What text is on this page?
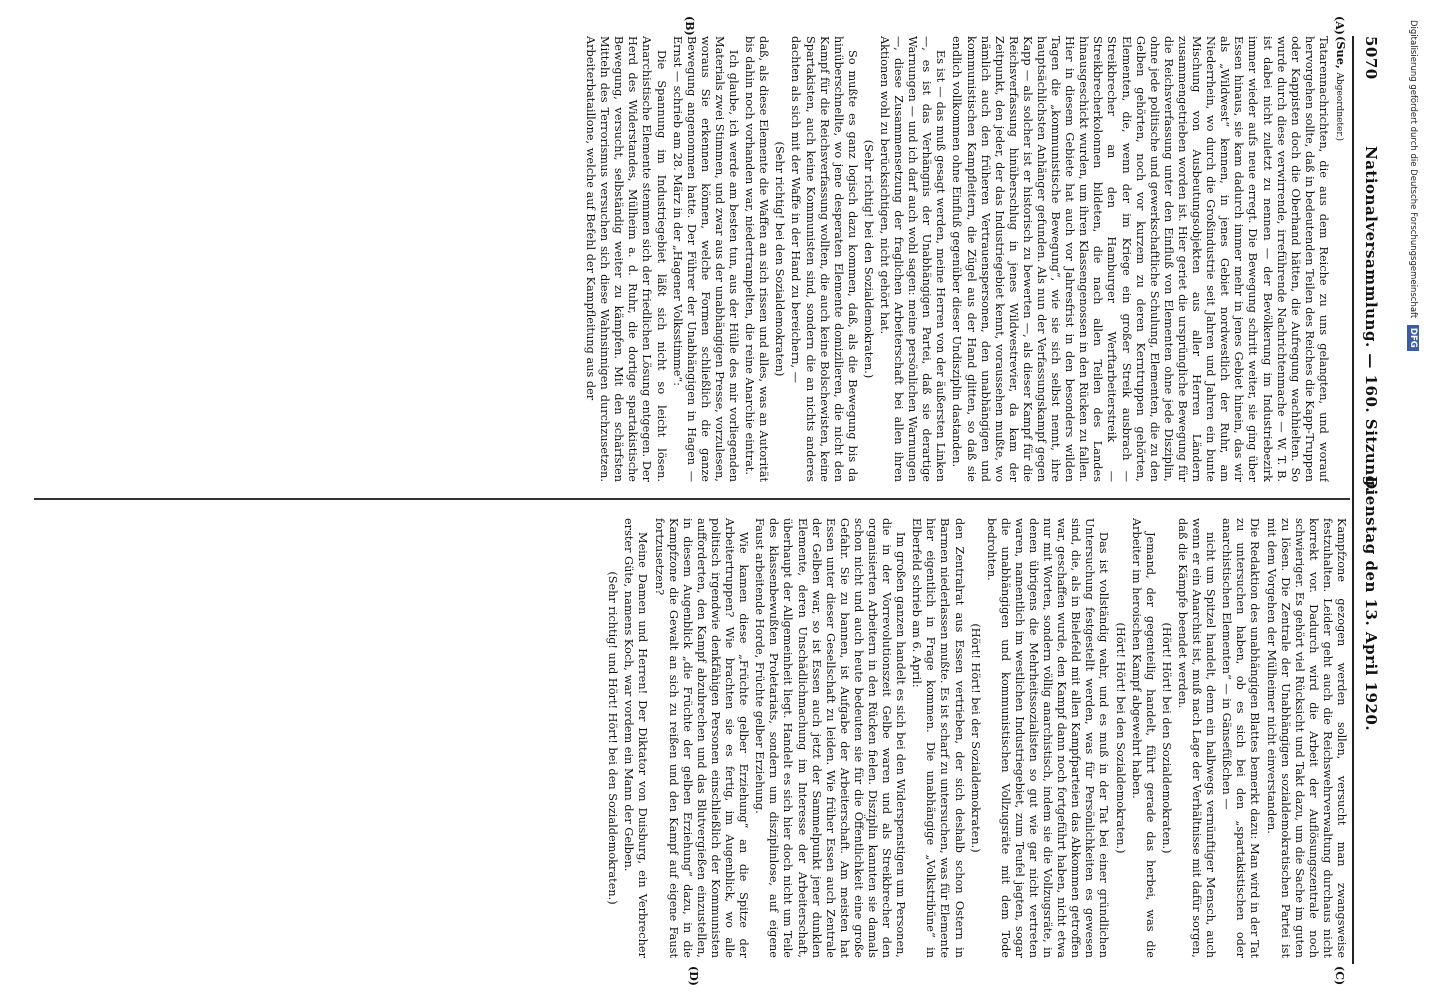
5070
Nationalversammlung. — 160. Sitzung.
Dienstag den 13. April 1920.
(A)
(B)
(C)
(D)

(Sue, Abgeordneter.)

Tatarennachrichten, die aus dem Reiche zu uns gelangten, und worauf hervorgehen sollte, daß in bedeutenden Teilen des Reiches die Kapp-Truppen oder Kappisten doch die Oberhand hätten, die Aufregung wachhielten. So wurde durch diese verwirrende, irreführende Nachrichtenmache — W. T. B. ist dabei nicht zuletzt zu nennen — der Bevölkerung im Industriebezirk immer wieder aufs neue erregt. Die Bewegung schritt weiter, sie ging über Essen hinaus, sie kam dadurch immer mehr in jenes Gebiet hinein, das wir als „Wildwest“ kennen, in jenes Gebiet nordwestlich der Ruhr, am Niederrhein, wo durch die Großindustrie seit Jahren und Jahren ein bunte Mischung von Ausbeutungsobjekten aus aller Herren Ländern zusammengetrieben worden ist. Hier geriet die ursprüngliche Bewegung für die Reichsverfassung unter den Einfluß von Elementen ohne jede Disziplin, ohne jede politische und gewerkschaftliche Schulung, Elementen, die zu den Gelben gehörten, noch vor kurzem zu deren Kerntruppen gehörten, Elementen, die, wenn der im Kriege ein großer Streik ausbrach — Streikbrecher an den Hamburger Werftarbeiterstreik — Streikbrecherkolonnen bildeten, die nach allen Teilen des Landes hinausgeschickt wurden, um ihren Klassengenossen in den Rücken zu fallen. Hier in diesem Gebiete hat auch vor Jahresfrist in den besonders wilden Tagen die „kommunistische Bewegung“, wie sie sich selbst nennt, ihre hauptsächlichsten Anhänger gefunden. Als nun der Verfassungskampf gegen Kapp — als solcher ist er historisch zu bewerten —, als dieser Kampf für die Reichsverfassung hinüberschlug in jenes Wildwestrevier, da kam der Zeitpunkt, den jeder, der das Industriegebiet kennt, voraussehen mußte, wo nämlich auch den früheren Vertrauenspersonen, den unabhängigen und kommunistischen Kampfleitern, die Zügel aus der Hand glitten, so daß sie endlich vollkommen ohne Einfluß gegenüber dieser Undisziplin dastanden.

Es ist — das muß gesagt werden, meine Herren von der äußersten Linken —, es ist das Verhängnis der Unabhängigen Partei, daß sie derartige Warnungen — und ich darf auch wohl sagen: meine persönlichen Warnungen —, diese Zusammensetzung der fraglichen Arbeiterschaft bei allen ihren Aktionen wohl zu berücksichtigen, nicht gehört hat.

(Sehr richtig! bei den Sozialdemokraten.)

So mußte es ganz logisch dazu kommen, daß, als die Bewegung bis da hinüberschnellte, wo jene desperaten Elemente domizilieren, die nicht den Kampf für die Reichsverfassung wollten, die auch keine Bolschewisten, keine Spartakisten, auch keine Kommunisten sind, sondern die an nichts anderes dachten als sich mit der Waffe in der Hand zu bereichern, —

(Sehr richtig! bei den Sozialdemokraten)

daß, als diese Elemente die Waffen an sich rissen und alles, was an Autorität bis dahin noch vorhanden war, niedertrampelten, die reine Anarchie eintrat.

Ich glaube, ich werde am besten tun, aus der Hülle des mir vorliegenden Materials zwei Stimmen, und zwar aus der unabhängigen Presse, vorzulesen, woraus Sie erkennen können, welche Formen schließlich die ganze Bewegung angenommen hatte. Der Führer der Unabhängigen in Hagen — Ernst — schrieb am 28. März in der „Hagener Volksstimme“:

Die Spannung im Industriegebiet läßt sich nicht so leicht lösen. Anarchistische Elemente stemmen sich der friedlichen Lösung entgegen. Der Herd des Widerstandes, Mülheim a. d. Ruhr, die dortige spartakistische Bewegung, versucht, selbständig weiter zu kämpfen. Mit den schärfsten Mitteln des Terrorismus versuchen sich diese Wahnsinnigen durchzusetzen. Arbeiterbataillone, welche auf Befehl der Kampfleitung aus der

Kampfzone gezogen werden sollen, versucht man zwangsweise festzuhalten. Leider geht auch die Reichswehrverwaltung durchaus nicht korrekt vor. Dadurch wird die Arbeit der Auflösungszentrale noch schwieriger. Es gehört viel Rücksicht und Takt dazu, um die Sache im guten zu lösen. Die Zentrale der Unabhängigen sozialdemokratischen Partei ist mit dem Vorgehen der Mülheimer nicht einverstanden.

Die Redaktion des unabhängigen Blattes bemerkt dazu: Man wird in der Tat zu untersuchen haben, ob es sich bei den „spartakistischen oder anarchistischen Elementen“ — in Gänsefüßchen —

nicht um Spitzel handelt, denn ein halbwegs vernünftiger Mensch, auch wenn er ein Anarchist ist, muß nach Lage der Verhältnisse mit dafür sorgen, daß die Kämpfe beendet werden.

(Hört! Hört! bei den Sozialdemokraten.)

Jemand, der gegenteilig handelt, führt gerade das herbei, was die Arbeiter im heroischen Kampf abgewehrt haben.

(Hört! Hört! bei den Sozialdemokraten.)

Das ist vollständig wahr, und es muß in der Tat bei einer gründlichen Untersuchung festgestellt werden, was für Persönlichkeiten es gewesen sind, die, als in Bielefeld mit allen Kampfparteien das Abkommen getroffen war, geschaffen wurde, den Kampf dann noch fortgeführt haben, nicht etwa nur mit Worten, sondern völlig anarchistisch, indem sie die Vollzugsräte, in denen übrigens die Mehrheitssozialisten so gut wie gar nicht vertreten waren, namentlich im westlichen Industriegebiet, zum Teufel jagten, sogar die unabhängigen und kommunistischen Vollzugsräte mit dem Tode bedrohten.

(Hört! Hört! bei der Sozialdemokraten.)

den Zentralrat aus Essen vertrieben, der sich deshalb schon Ostern in Barmen niederlassen mußte. Es ist scharf zu untersuchen, was für Elemente hier eigentlich in Frage kommen. Die unabhängige „Volkstribüne“ in Elberfeld schrieb am 6. April:

Im großen ganzen handelt es sich bei den Widerspenstigen um Personen, die in der Vorrevolutionszeit Gelbe waren und als Streikbrecher den organisierten Arbeitern in den Rücken fielen. Disziplin kannten sie damals schon nicht und auch heute bedeuten sie für die Öffentlichkeit eine große Gefahr. Sie zu bannen, ist Aufgabe der Arbeiterschaft. Am meisten hat Essen unter dieser Gesellschaft zu leiden. Wie früher Essen auch Zentrale der Gelben war, so ist Essen auch jetzt der Sammelpunkt jener dunklen Elemente, deren Unschädlichmachung im Interesse der Arbeiterschaft, überhaupt der Allgemeinheit liegt. Handelt es sich hier doch nicht um Teile des klassenbewußten Proletariats, sondern um disziplinlose, auf eigene Faust arbeitende Horde, Früchte gelber Erziehung.

Wie kamen diese „Früchte gelber Erziehung“ an die Spitze der Arbeitertruppen? Wie brachten sie es fertig, im Augenblick, wo alle politisch irgendwie denkfähigen Personen einschließlich der Kommunisten aufforderten, den Kampf abzubrechen und das Blutvergießen einzustellen, in diesem Augenblick „die Früchte der gelben Erziehung“ dazu, in die Kampfzone die Gewalt an sich zu reißen und den Kampf auf eigene Faust fortzusetzen?

Meine Damen und Herren! Der Diktator von Duisburg, ein Verbrecher erster Güte, namens Koch, war vordem ein Mann der Gelben.

(Sehr richtig! und Hört! Hört! bei den Sozialdemokraten.)

Digitalisierung gefördert durch die Deutsche Forschungsgemeinschaft DFG
